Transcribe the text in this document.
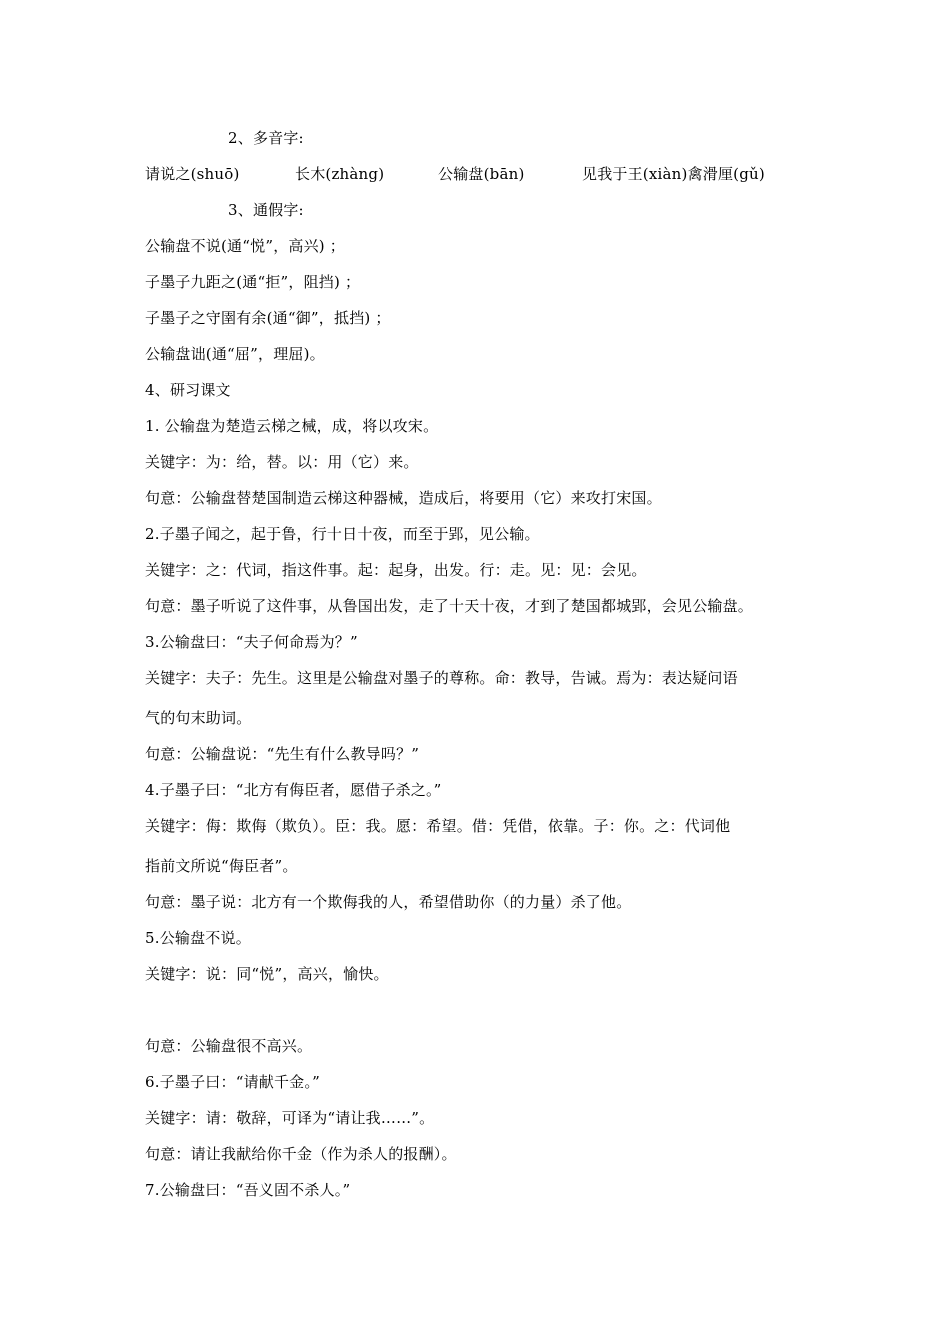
2、多音字:
请说之(shuō)	长木(zhàng)	公输盘(bān)	见我于王(xiàn)禽滑厘(gǔ)
3、通假字:
公输盘不说(通“悦”，高兴) ；
子墨子九距之(通“拒”，阻挡) ；
子墨子之守圉有余(通“御”，抵挡) ；
公输盘诎(通“屈”，理屈)。
4、研习课文
1. 公输盘为楚造云梯之械，成，将以攻宋。
关键字：为：给，替。以：用（它）来。
句意：公输盘替楚国制造云梯这种器械，造成后，将要用（它）来攻打宋国。
2.子墨子闻之，起于鲁，行十日十夜，而至于郢，见公输。
关键字：之：代词，指这件事。起：起身，出发。行：走。见：见：会见。
句意：墨子听说了这件事，从鲁国出发，走了十天十夜，才到了楚国都城郢，会见公输盘。
3.公输盘曰：“夫子何命焉为？”
关键字：夫子：先生。这里是公输盘对墨子的尊称。命：教导，告诫。焉为：表达疑问语
气的句末助词。
句意：公输盘说：“先生有什么教导吗？”
4.子墨子曰：“北方有侮臣者，愿借子杀之。”
关键字：侮：欺侮（欺负）。臣：我。愿：希望。借：凭借，依靠。子：你。之：代词他
指前文所说“侮臣者”。
句意：墨子说：北方有一个欺侮我的人，希望借助你（的力量）杀了他。
5.公输盘不说。
关键字：说：同“悦”，高兴，愉快。
句意：公输盘很不高兴。
6.子墨子曰：“请献千金。”
关键字：请：敬辞，可译为“请让我……”。
句意：请让我献给你千金（作为杀人的报酬）。
7.公输盘曰：“吾义固不杀人。”
